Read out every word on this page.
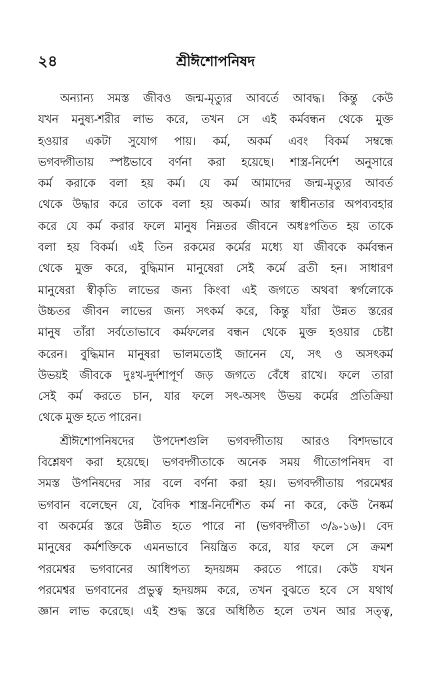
২৪	শ্রীঈশোপনিষদ
অন্যান্য সমস্ত জীবও জন্ম-মৃত্যুর আবর্তে আবদ্ধ। কিন্তু কেউ
যখন মনুষ্য-শরীর লাভ করে, তখন সে এই কর্মবন্ধন থেকে মুক্ত
হওয়ার একটা সুযোগ পায়। কর্ম, অকর্ম এবং বিকর্ম সম্বন্ধে
ভগবদ্গীতায় স্পষ্টভাবে বর্ণনা করা হয়েছে। শাস্ত্র-নির্দেশ অনুসারে
কর্ম করাকে বলা হয় কর্ম। যে কর্ম আমাদের জন্ম-মৃত্যুর আবর্ত
থেকে উদ্ধার করে তাকে বলা হয় অকর্ম। আর স্বাধীনতার অপব্যবহার
করে যে কর্ম করার ফলে মানুষ নিম্নতর জীবনে অধঃপতিত হয় তাকে
বলা হয় বিকর্ম। এই তিন রকমের কর্মের মধ্যে যা জীবকে কর্মবন্ধন
থেকে মুক্ত করে, বুদ্ধিমান মানুষেরা সেই কর্মে ব্রতী হন। সাধারণ
মানুষেরা স্বীকৃতি লাভের জন্য কিংবা এই জগতে অথবা স্বর্গলোকে
উচ্চতর জীবন লাভের জন্য সৎকর্ম করে, কিন্তু যাঁরা উন্নত স্তরের
মানুষ তাঁরা সর্বতোভাবে কর্মফলের বন্ধন থেকে মুক্ত হওয়ার চেষ্টা
করেন। বুদ্ধিমান মানুষরা ভালমতোই জানেন যে, সৎ ও অসৎকর্ম
উভয়ই জীবকে দুঃখ-দুর্দশাপূর্ণ জড় জগতে বেঁধে রাখে। ফলে তারা
সেই কর্ম করতে চান, যার ফলে সৎ-অসৎ উভয় কর্মের প্রতিক্রিয়া
থেকে মুক্ত হতে পারেন।
শ্রীঈশোপনিষদের উপদেশগুলি ভগবদ্গীতায় আরও বিশদভাবে
বিশ্লেষণ করা হয়েছে। ভগবদ্গীতাকে অনেক সময় গীতোপনিষদ বা
সমস্ত উপনিষদের সার বলে বর্ণনা করা হয়। ভগবদ্গীতায় পরমেশ্বর
ভগবান বলেছেন যে, বৈদিক শাস্ত্র-নির্দেশিত কর্ম না করে, কেউ নৈষ্কর্ম
বা অকর্মের স্তরে উন্নীত হতে পারে না (ভগবদ্গীতা ৩/৯-১৬)। বেদ
মানুষের কর্মশক্তিকে এমনভাবে নিয়ন্ত্রিত করে, যার ফলে সে ক্রমশ
পরমেশ্বর ভগবানের আধিপত্য হৃদয়ঙ্গম করতে পারে। কেউ যখন
পরমেশ্বর ভগবানের প্রভুত্ব হৃদয়ঙ্গম করে, তখন বুঝতে হবে সে যথার্থ
জ্ঞান লাভ করেছে। এই শুদ্ধ স্তরে অধিষ্ঠিত হলে তখন আর সত্ত্ব,
